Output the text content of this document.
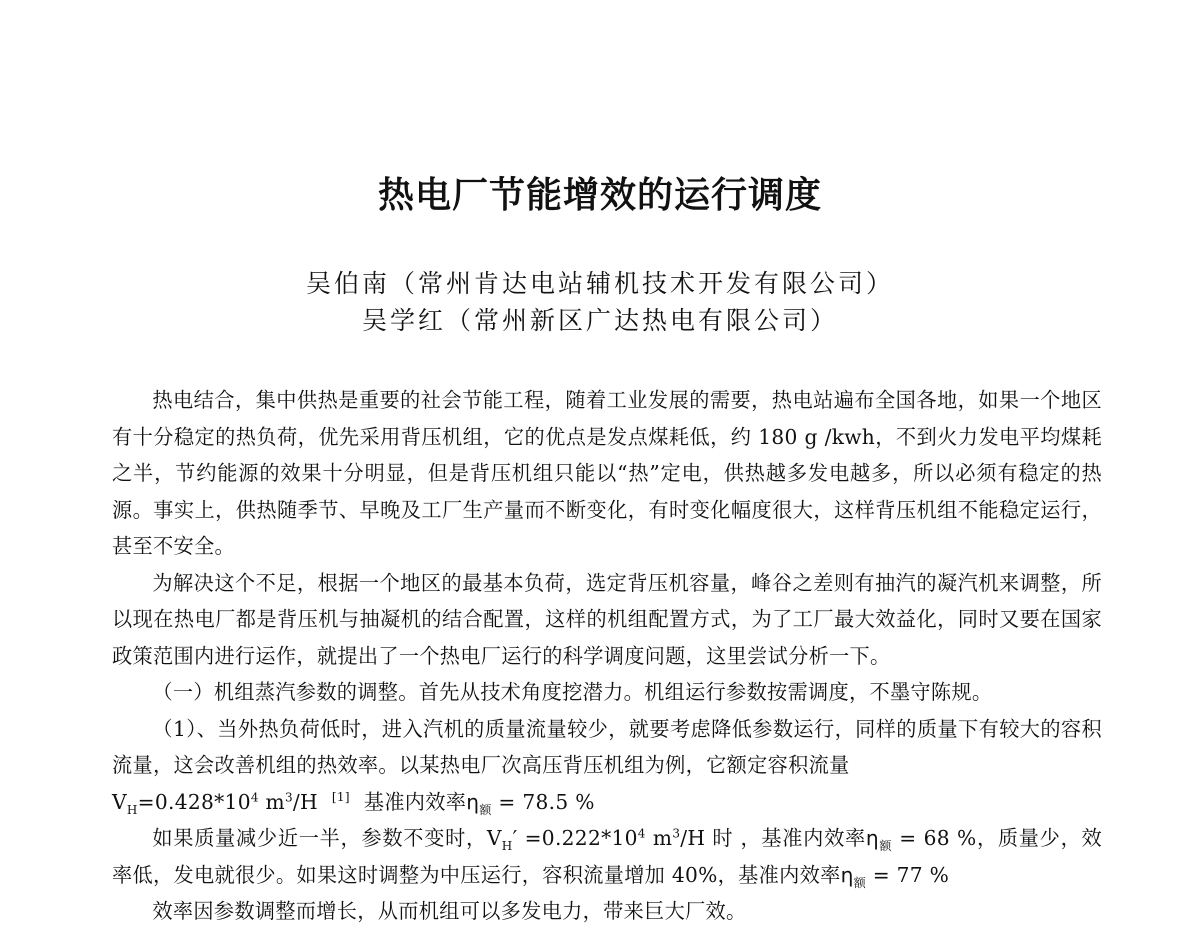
热电厂节能增效的运行调度
吴伯南（常州肯达电站辅机技术开发有限公司）
吴学红（常州新区广达热电有限公司）

热电结合，集中供热是重要的社会节能工程，随着工业发展的需要，热电站遍布全国各地，如果一个地区有十分稳定的热负荷，优先采用背压机组，它的优点是发点煤耗低，约 180 g /kwh，不到火力发电平均煤耗之半，节约能源的效果十分明显，但是背压机组只能以“热”定电，供热越多发电越多，所以必须有稳定的热源。事实上，供热随季节、早晚及工厂生产量而不断变化，有时变化幅度很大，这样背压机组不能稳定运行，甚至不安全。

为解决这个不足，根据一个地区的最基本负荷，选定背压机容量，峰谷之差则有抽汽的凝汽机来调整，所以现在热电厂都是背压机与抽凝机的结合配置，这样的机组配置方式，为了工厂最大效益化，同时又要在国家政策范围内进行运作，就提出了一个热电厂运行的科学调度问题，这里尝试分析一下。

（一）机组蒸汽参数的调整。首先从技术角度挖潜力。机组运行参数按需调度，不墨守陈规。

（1）、当外热负荷低时，进入汽机的质量流量较少，就要考虑降低参数运行，同样的质量下有较大的容积流量，这会改善机组的热效率。以某热电厂次高压背压机组为例，它额定容积流量

$V_H=0.428*10^4$ $m^3/H$ [1] 基准内效率$\eta_额 = 78.5$ %

如果质量减少近一半，参数不变时，$V_H' =0.222*10^4$ $m^3/H$ 时 ，基准内效率$\eta_额 = 68$ %，质量少，效率低，发电就很少。如果这时调整为中压运行，容积流量增加 40%，基准内效率$\eta_额 = 77$ %

效率因参数调整而增长，从而机组可以多发电力，带来巨大厂效。
